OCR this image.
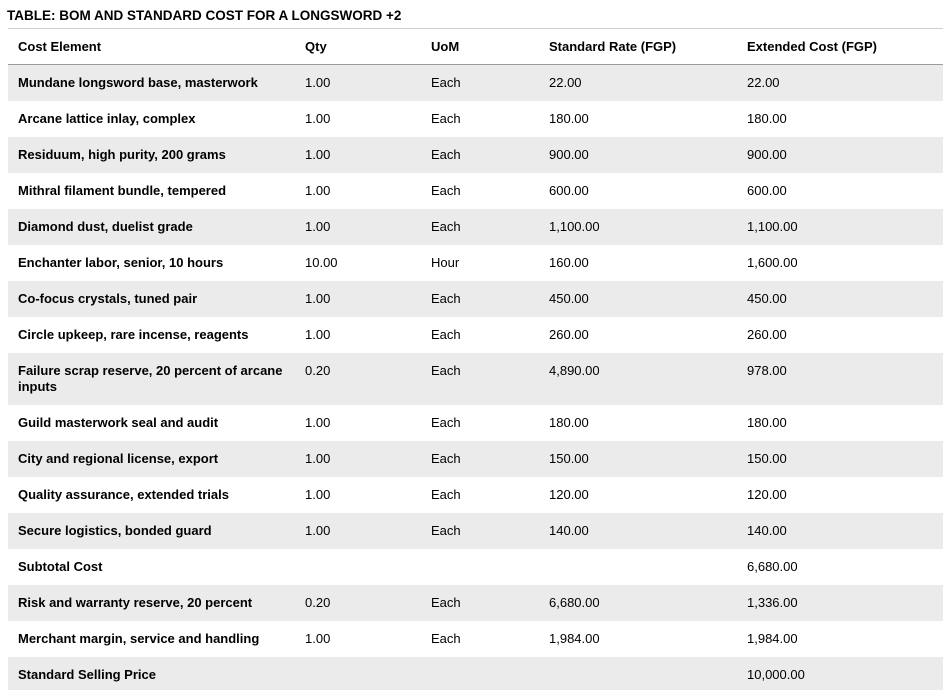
TABLE: BOM AND STANDARD COST FOR A LONGSWORD +2
Cost Element	Qty	UoM	Standard Rate (FGP)	Extended Cost (FGP)
Mundane longsword base, masterwork	1.00	Each	22.00	22.00
Arcane lattice inlay, complex	1.00	Each	180.00	180.00
Residuum, high purity, 200 grams	1.00	Each	900.00	900.00
Mithral filament bundle, tempered	1.00	Each	600.00	600.00
Diamond dust, duelist grade	1.00	Each	1,100.00	1,100.00
Enchanter labor, senior, 10 hours	10.00	Hour	160.00	1,600.00
Co-focus crystals, tuned pair	1.00	Each	450.00	450.00
Circle upkeep, rare incense, reagents	1.00	Each	260.00	260.00
Failure scrap reserve, 20 percent of arcane inputs	0.20	Each	4,890.00	978.00
Guild masterwork seal and audit	1.00	Each	180.00	180.00
City and regional license, export	1.00	Each	150.00	150.00
Quality assurance, extended trials	1.00	Each	120.00	120.00
Secure logistics, bonded guard	1.00	Each	140.00	140.00
Subtotal Cost				6,680.00
Risk and warranty reserve, 20 percent	0.20	Each	6,680.00	1,336.00
Merchant margin, service and handling	1.00	Each	1,984.00	1,984.00
Standard Selling Price				10,000.00
